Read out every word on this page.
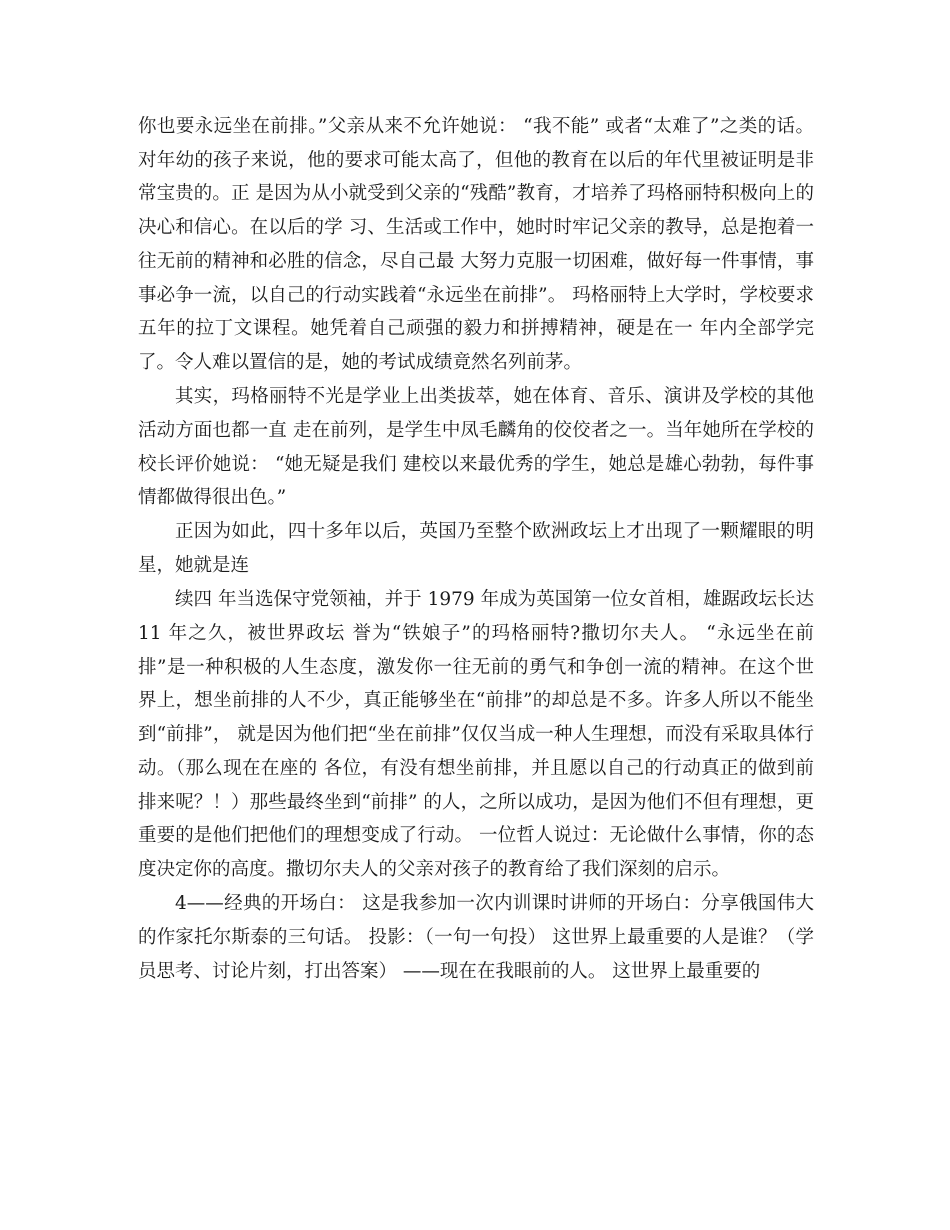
你也要永远坐在前排。”父亲从来不允许她说： “我不能” 或者“太难了”之类的话。 对年幼的孩子来说，他的要求可能太高了，但他的教育在以后的年代里被证明是非常宝贵的。正 是因为从小就受到父亲的“残酷”教育，才培养了玛格丽特积极向上的决心和信心。在以后的学 习、生活或工作中，她时时牢记父亲的教导，总是抱着一往无前的精神和必胜的信念，尽自己最 大努力克服一切困难，做好每一件事情，事事必争一流，以自己的行动实践着“永远坐在前排”。 玛格丽特上大学时，学校要求五年的拉丁文课程。她凭着自己顽强的毅力和拼搏精神，硬是在一 年内全部学完了。令人难以置信的是，她的考试成绩竟然名列前茅。

其实，玛格丽特不光是学业上出类拔萃，她在体育、音乐、演讲及学校的其他活动方面也都一直 走在前列，是学生中凤毛麟角的佼佼者之一。当年她所在学校的校长评价她说： “她无疑是我们 建校以来最优秀的学生，她总是雄心勃勃，每件事情都做得很出色。”

正因为如此，四十多年以后，英国乃至整个欧洲政坛上才出现了一颗耀眼的明星，她就是连

续四 年当选保守党领袖，并于 1979 年成为英国第一位女首相，雄踞政坛长达 11 年之久，被世界政坛 誉为“铁娘子”的玛格丽特?撒切尔夫人。 “永远坐在前排”是一种积极的人生态度，激发你一往无前的勇气和争创一流的精神。在这个世 界上，想坐前排的人不少，真正能够坐在“前排”的却总是不多。许多人所以不能坐到“前排”， 就是因为他们把“坐在前排”仅仅当成一种人生理想，而没有采取具体行动。（那么现在在座的 各位，有没有想坐前排，并且愿以自己的行动真正的做到前排来呢？！）那些最终坐到“前排” 的人，之所以成功，是因为他们不但有理想，更重要的是他们把他们的理想变成了行动。 一位哲人说过：无论做什么事情，你的态度决定你的高度。撒切尔夫人的父亲对孩子的教育给了我们深刻的启示。

4——经典的开场白： 这是我参加一次内训课时讲师的开场白：分享俄国伟大的作家托尔斯泰的三句话。 投影：（一句一句投） 这世界上最重要的人是谁？（学员思考、讨论片刻，打出答案） ——现在在我眼前的人。 这世界上最重要的
